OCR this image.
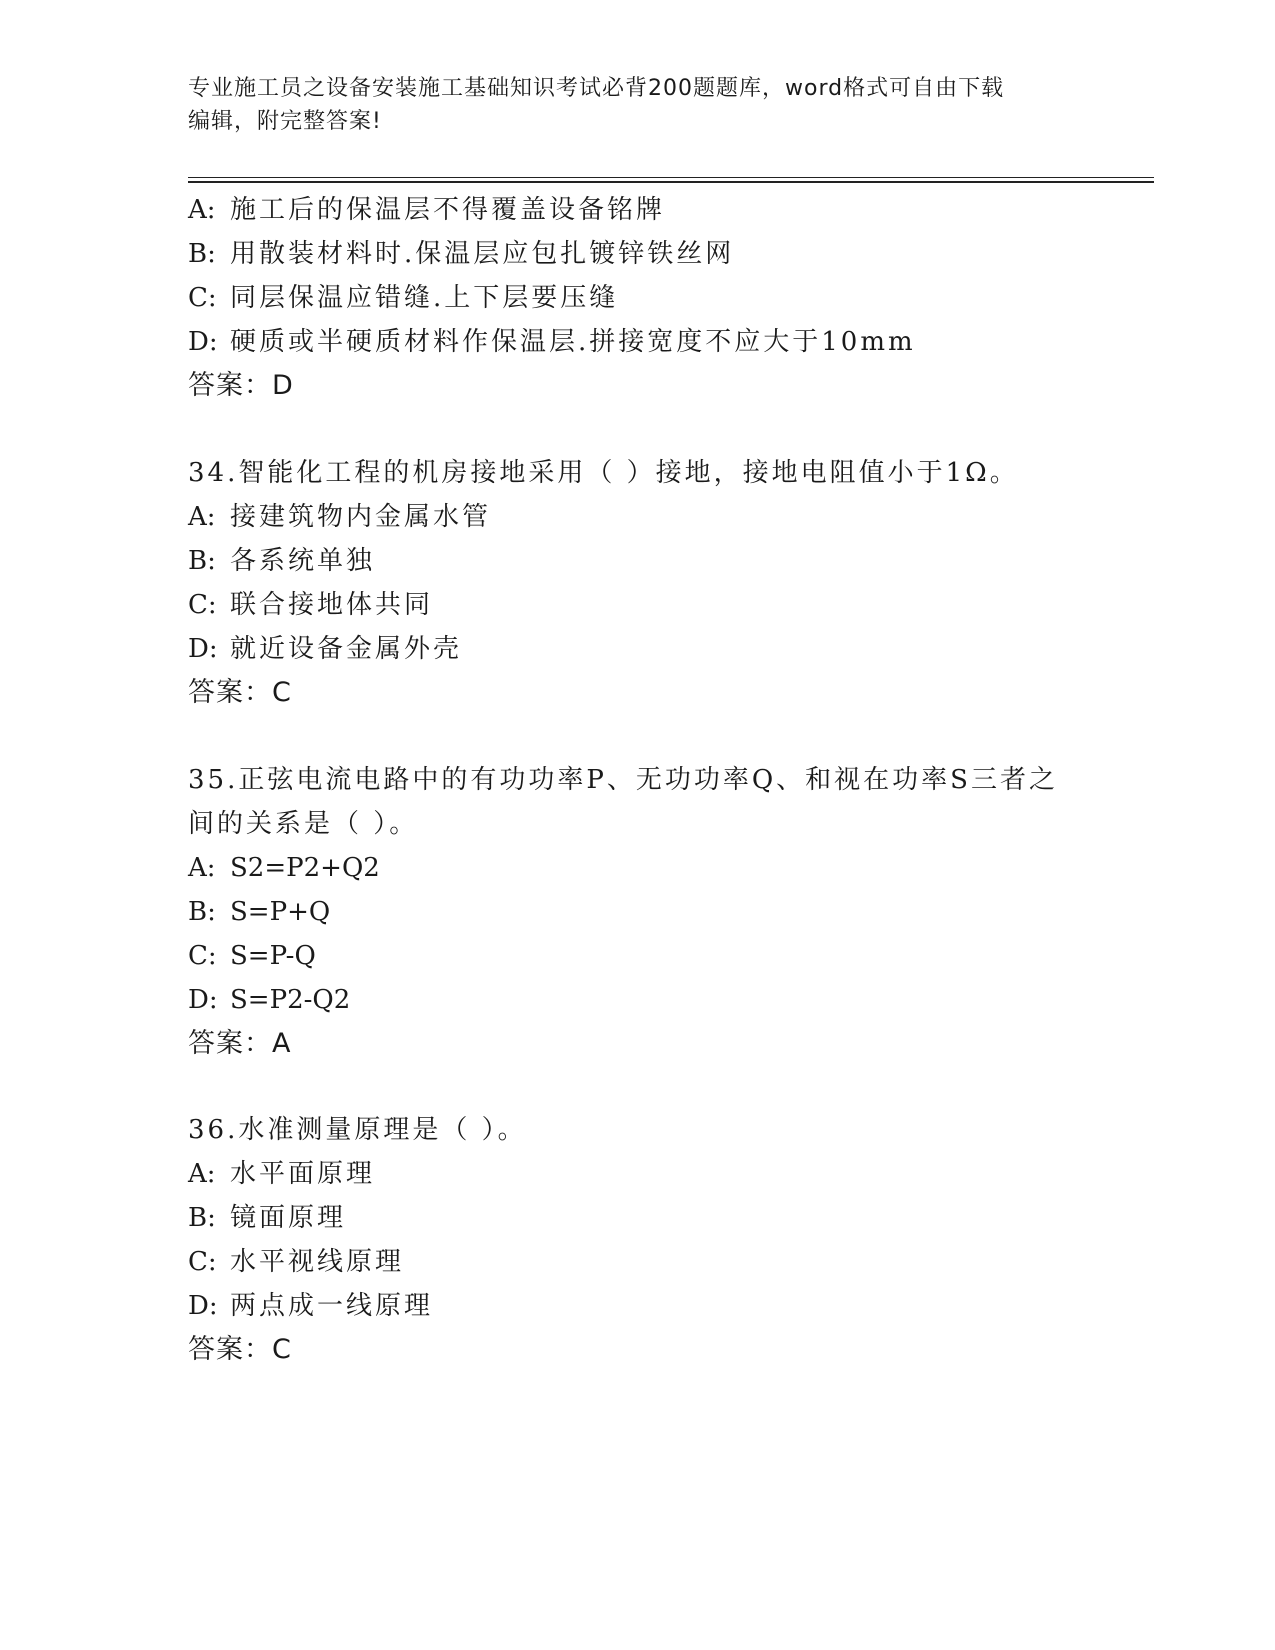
专业施工员之设备安装施工基础知识考试必背200题题库，word格式可自由下载
编辑，附完整答案!
A: 施工后的保温层不得覆盖设备铭牌
B: 用散装材料时.保温层应包扎镀锌铁丝网
C: 同层保温应错缝.上下层要压缝
D: 硬质或半硬质材料作保温层.拼接宽度不应大于10mm
答案：D
34.智能化工程的机房接地采用（ ）接地，接地电阻值小于1Ω。
A: 接建筑物内金属水管
B: 各系统单独
C: 联合接地体共同
D: 就近设备金属外壳
答案：C
35.正弦电流电路中的有功功率P、无功功率Q、和视在功率S三者之
间的关系是（ ）。
A: S2=P2+Q2
B: S=P+Q
C: S=P-Q
D: S=P2-Q2
答案：A
36.水准测量原理是（ ）。
A: 水平面原理
B: 镜面原理
C: 水平视线原理
D: 两点成一线原理
答案：C
